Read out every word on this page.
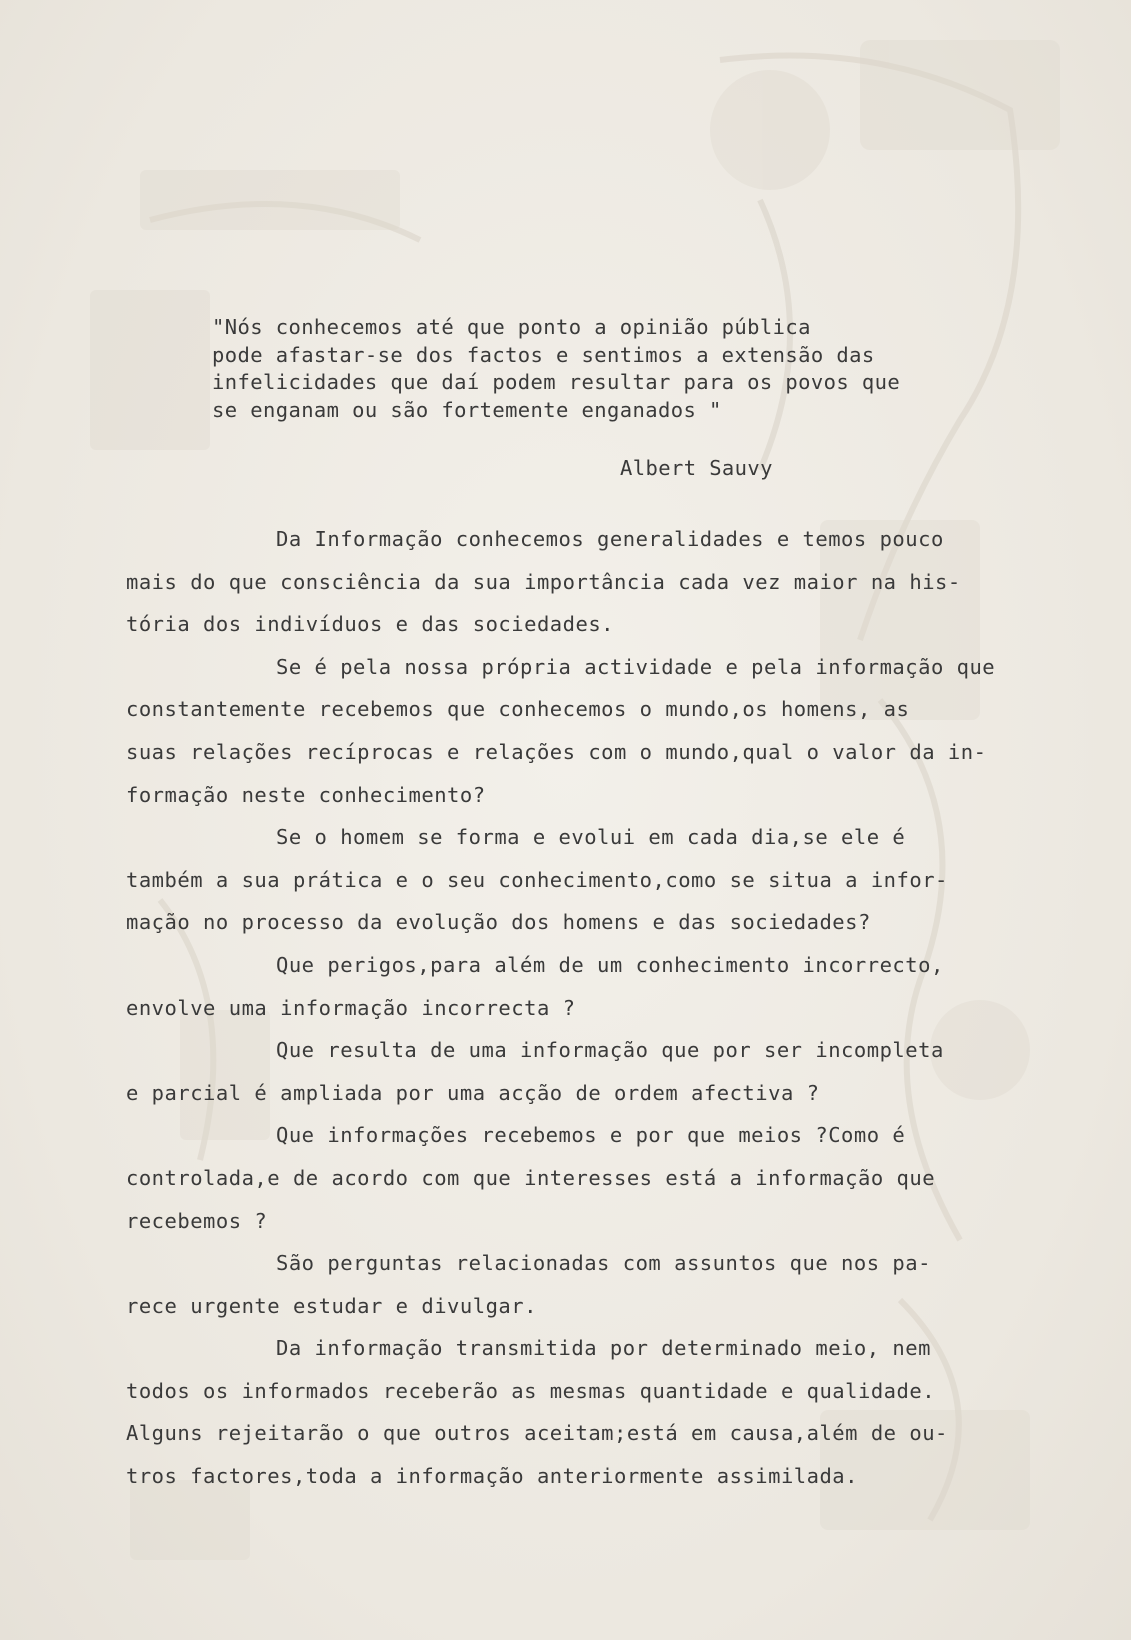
"Nós conhecemos até que ponto a opinião pública

pode afastar-se dos factos e sentimos a extensão das

infelicidades que daí podem resultar para os povos que

se enganam ou são fortemente enganados "

Albert Sauvy
Da Informação conhecemos generalidades e temos pouco
mais do que consciência da sua importância cada vez maior na his-
tória dos indivíduos e das sociedades.
Se é pela nossa própria actividade e pela informação que
constantemente recebemos que conhecemos o mundo,os homens, as
suas relações recíprocas e relações com o mundo,qual o valor da in-
formação neste conhecimento?
Se o homem se forma e evolui em cada dia,se ele é
também a sua prática e o seu conhecimento,como se situa a infor-
mação no processo da evolução dos homens e das sociedades?
Que perigos,para além de um conhecimento incorrecto,
envolve uma informação incorrecta ?
Que resulta de uma informação que por ser incompleta
e parcial é ampliada por uma acção de ordem afectiva ?
Que informações recebemos e por que meios ?Como é
controlada,e de acordo com que interesses está a informação que
recebemos ?
São perguntas relacionadas com assuntos que nos pa-
rece urgente estudar e divulgar.
Da informação transmitida por determinado meio, nem
todos os informados receberão as mesmas quantidade e qualidade.
Alguns rejeitarão o que outros aceitam;está em causa,além de ou-
tros factores,toda a informação anteriormente assimilada.
